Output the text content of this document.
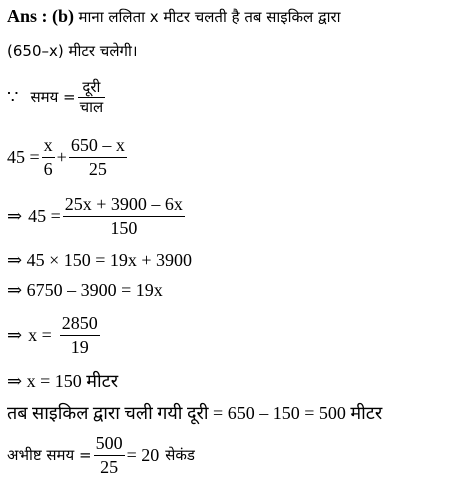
Ans : (b) माना ललिता x मीटर चलती है तब साइकिल द्वारा
(650–x) मीटर चलेगी।
∵ समय = $\frac{\text{दूरी}}{\text{चाल}}$
$45 = \frac{x}{6} + \frac{650 - x}{25}$
⇒ $45 = \frac{25x + 3900 - 6x}{150}$
⇒ 45 × 150 = 19x + 3900
⇒ 6750 – 3900 = 19x
⇒ $x = \frac{2850}{19}$
⇒ x = 150 मीटर
तब साइकिल द्वारा चली गयी दूरी = 650 – 150 = 500 मीटर
अभीष्ट समय = $\frac{500}{25} = 20$ सेकंड
